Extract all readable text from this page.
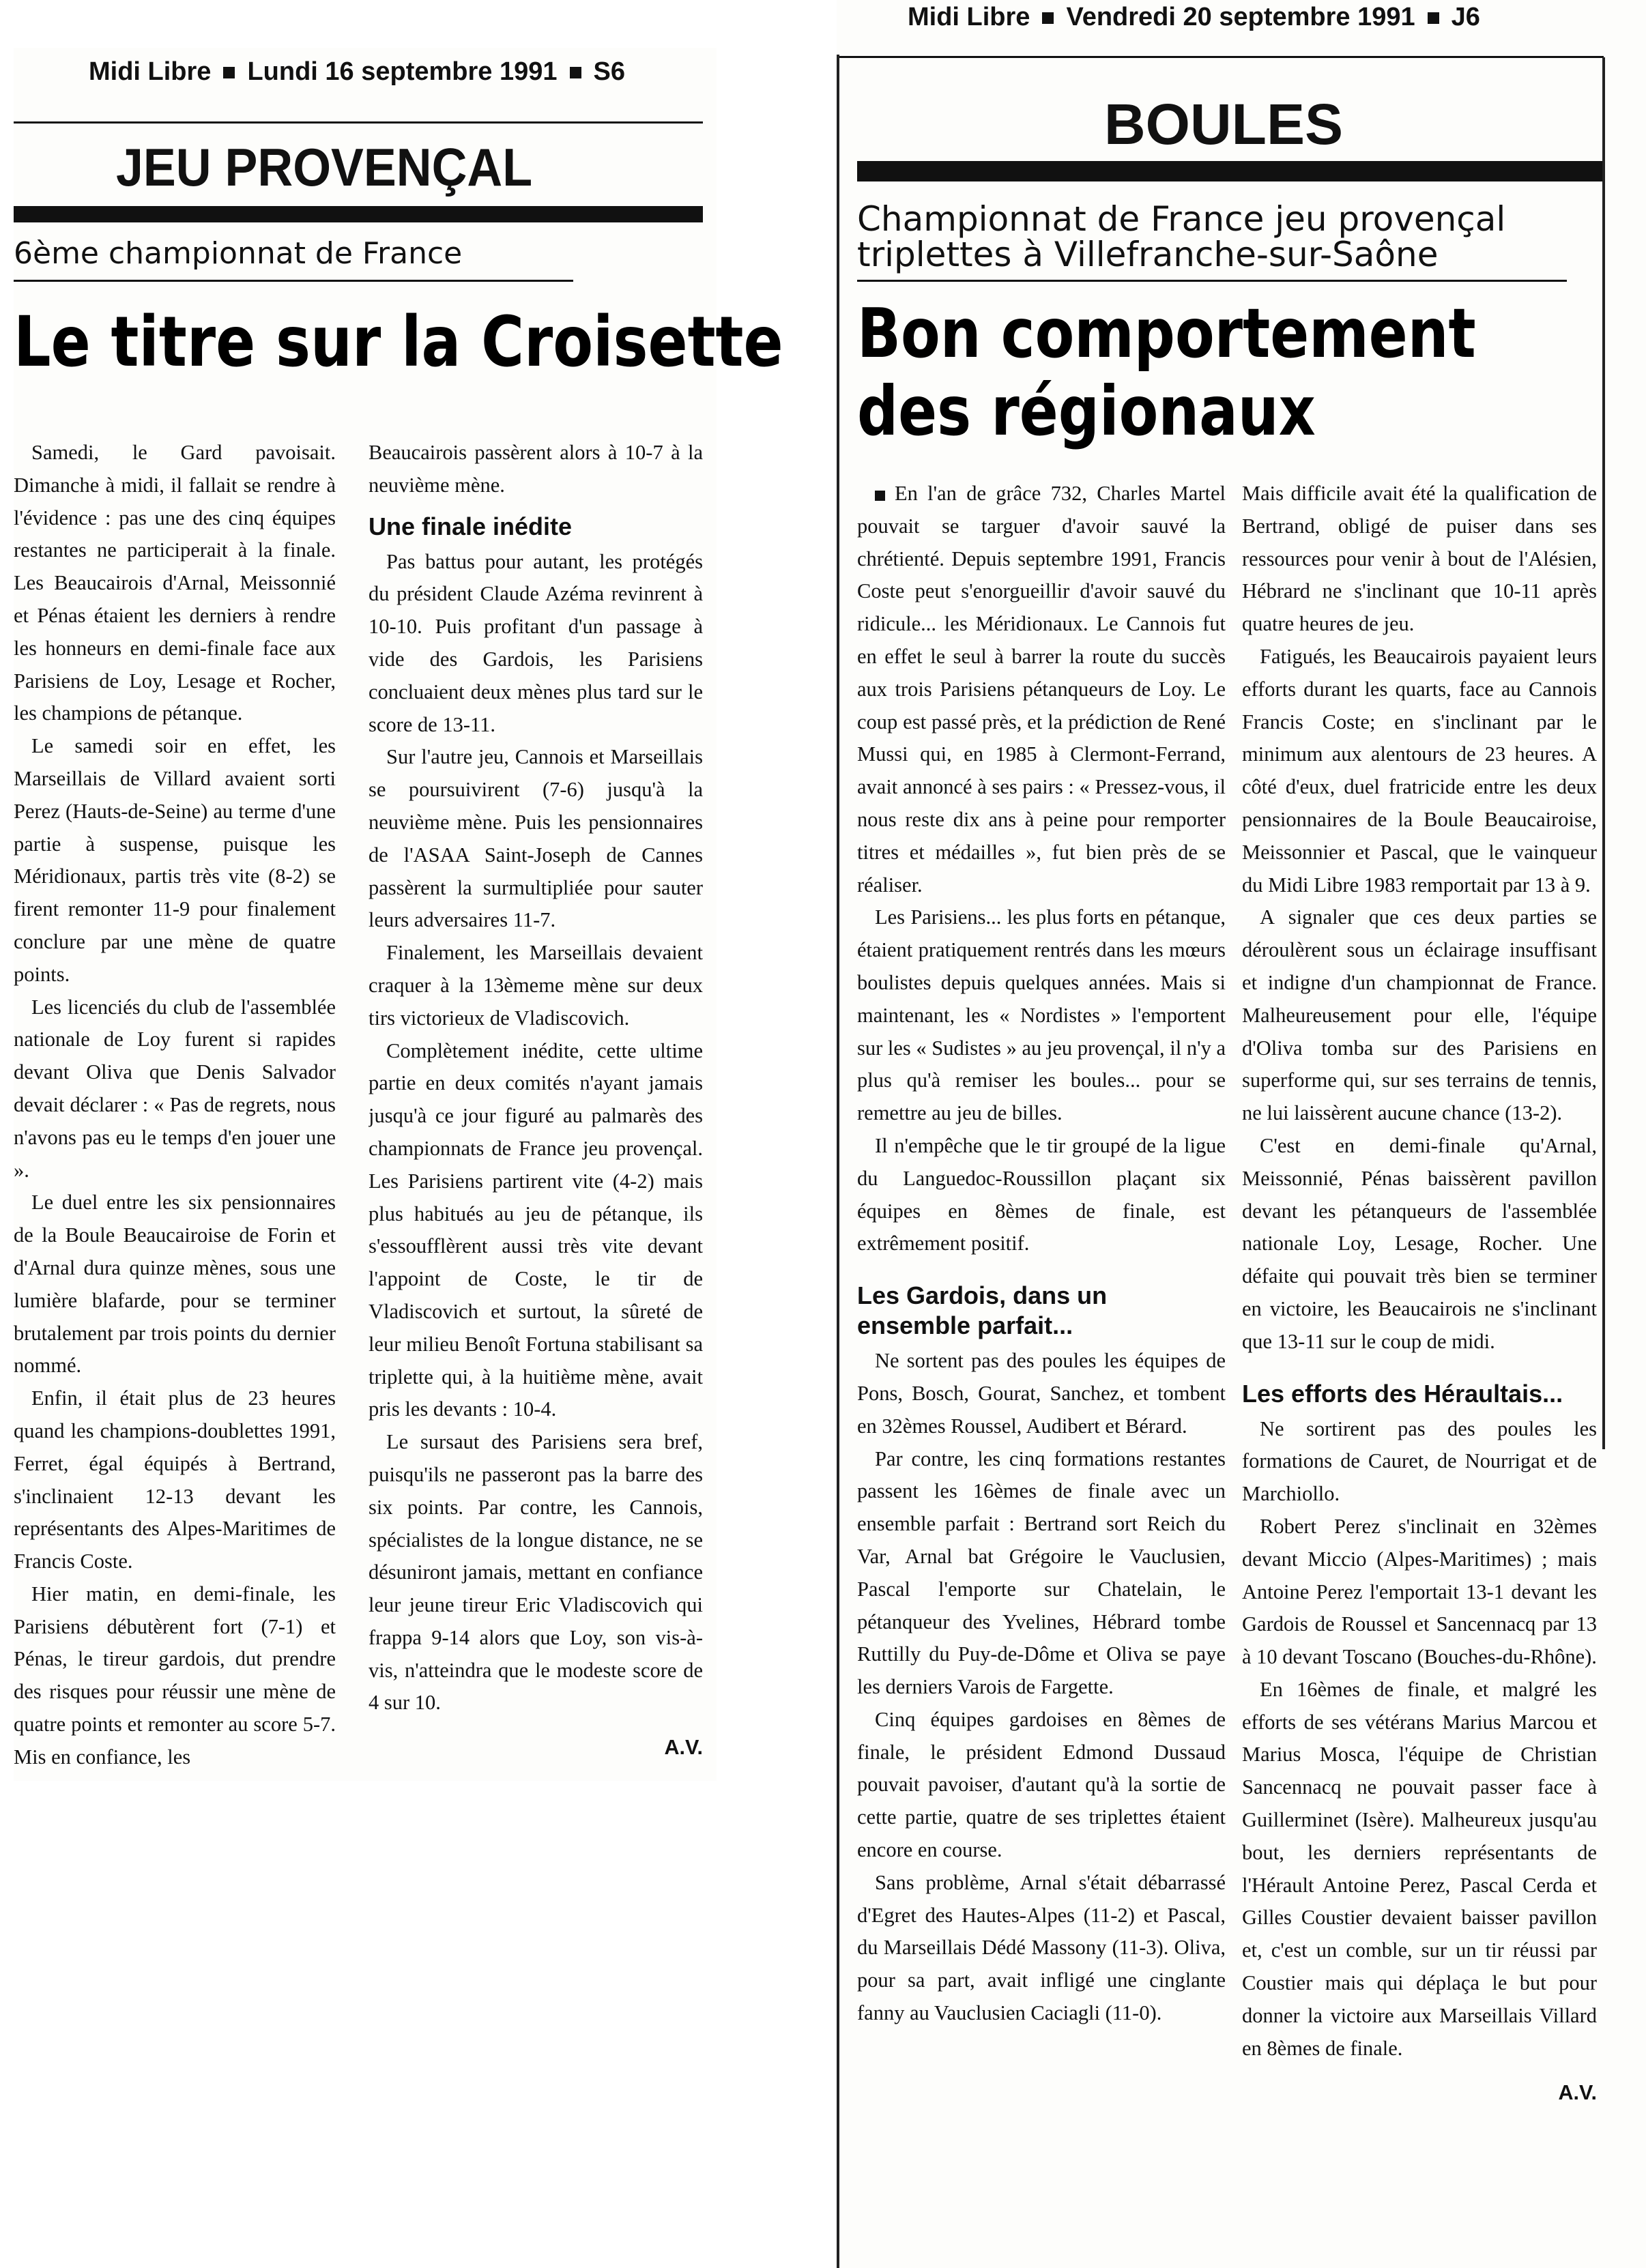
Midi Libre Lundi 16 septembre 1991 S6
JEU PROVENÇAL
6ème championnat de France
Le titre sur la Croisette

Samedi, le Gard pavoisait. Dimanche à midi, il fallait se rendre à l'évidence : pas une des cinq équipes restantes ne participerait à la finale. Les Beaucairois d'Arnal, Meissonnié et Pénas étaient les derniers à rendre les honneurs en demi-finale face aux Parisiens de Loy, Lesage et Rocher, les champions de pétanque.

Le samedi soir en effet, les Marseillais de Villard avaient sorti Perez (Hauts-de-Seine) au terme d'une partie à suspense, puisque les Méridionaux, partis très vite (8-2) se firent remonter 11-9 pour finalement conclure par une mène de quatre points.

Les licenciés du club de l'assemblée nationale de Loy furent si rapides devant Oliva que Denis Salvador devait déclarer : « Pas de regrets, nous n'avons pas eu le temps d'en jouer une ».

Le duel entre les six pensionnaires de la Boule Beaucairoise de Forin et d'Arnal dura quinze mènes, sous une lumière blafarde, pour se terminer brutalement par trois points du dernier nommé.

Enfin, il était plus de 23 heures quand les champions-doublettes 1991, Ferret, égal équipés à Bertrand, s'inclinaient 12-13 devant les représentants des Alpes-Maritimes de Francis Coste.

Hier matin, en demi-finale, les Parisiens débutèrent fort (7-1) et Pénas, le tireur gardois, dut prendre des risques pour réussir une mène de quatre points et remonter au score 5-7. Mis en confiance, les

Beaucairois passèrent alors à 10-7 à la neuvième mène.

Une finale inédite

Pas battus pour autant, les protégés du président Claude Azéma revinrent à 10-10. Puis profitant d'un passage à vide des Gardois, les Parisiens concluaient deux mènes plus tard sur le score de 13-11.

Sur l'autre jeu, Cannois et Marseillais se poursuivirent (7-6) jusqu'à la neuvième mène. Puis les pensionnaires de l'ASAA Saint-Joseph de Cannes passèrent la surmultipliée pour sauter leurs adversaires 11-7.

Finalement, les Marseillais devaient craquer à la 13èmeme mène sur deux tirs victorieux de Vladiscovich.

Complètement inédite, cette ultime partie en deux comités n'ayant jamais jusqu'à ce jour figuré au palmarès des championnats de France jeu provençal. Les Parisiens partirent vite (4-2) mais plus habitués au jeu de pétanque, ils s'essoufflèrent aussi très vite devant l'appoint de Coste, le tir de Vladiscovich et surtout, la sûreté de leur milieu Benoît Fortuna stabilisant sa triplette qui, à la huitième mène, avait pris les devants : 10-4.

Le sursaut des Parisiens sera bref, puisqu'ils ne passeront pas la barre des six points. Par contre, les Cannois, spécialistes de la longue distance, ne se désuniront jamais, mettant en confiance leur jeune tireur Eric Vladiscovich qui frappa 9-14 alors que Loy, son vis-à-vis, n'atteindra que le modeste score de 4 sur 10.

A.V.
Midi Libre Vendredi 20 septembre 1991 J6
BOULES
Championnat de France jeu provençal
triplettes à Villefranche-sur-Saône
Bon comportement
des régionaux

En l'an de grâce 732, Charles Martel pouvait se targuer d'avoir sauvé la chrétienté. Depuis septembre 1991, Francis Coste peut s'enorgueillir d'avoir sauvé du ridicule... les Méridionaux. Le Cannois fut en effet le seul à barrer la route du succès aux trois Parisiens pétanqueurs de Loy. Le coup est passé près, et la prédiction de René Mussi qui, en 1985 à Clermont-Ferrand, avait annoncé à ses pairs : « Pressez-vous, il nous reste dix ans à peine pour remporter titres et médailles », fut bien près de se réaliser.

Les Parisiens... les plus forts en pétanque, étaient pratiquement rentrés dans les mœurs boulistes depuis quelques années. Mais si maintenant, les « Nordistes » l'emportent sur les « Sudistes » au jeu provençal, il n'y a plus qu'à remiser les boules... pour se remettre au jeu de billes.

Il n'empêche que le tir groupé de la ligue du Languedoc-Roussillon plaçant six équipes en 8èmes de finale, est extrêmement positif.

Les Gardois, dans un ensemble parfait...

Ne sortent pas des poules les équipes de Pons, Bosch, Gourat, Sanchez, et tombent en 32èmes Roussel, Audibert et Bérard.

Par contre, les cinq formations restantes passent les 16èmes de finale avec un ensemble parfait : Bertrand sort Reich du Var, Arnal bat Grégoire le Vauclusien, Pascal l'emporte sur Chatelain, le pétanqueur des Yvelines, Hébrard tombe Ruttilly du Puy-de-Dôme et Oliva se paye les derniers Varois de Fargette.

Cinq équipes gardoises en 8èmes de finale, le président Edmond Dussaud pouvait pavoiser, d'autant qu'à la sortie de cette partie, quatre de ses triplettes étaient encore en course.

Sans problème, Arnal s'était débarrassé d'Egret des Hautes-Alpes (11-2) et Pascal, du Marseillais Dédé Massony (11-3). Oliva, pour sa part, avait infligé une cinglante fanny au Vauclusien Caciagli (11-0).

Mais difficile avait été la qualification de Bertrand, obligé de puiser dans ses ressources pour venir à bout de l'Alésien, Hébrard ne s'inclinant que 10-11 après quatre heures de jeu.

Fatigués, les Beaucairois payaient leurs efforts durant les quarts, face au Cannois Francis Coste; en s'inclinant par le minimum aux alentours de 23 heures. A côté d'eux, duel fratricide entre les deux pensionnaires de la Boule Beaucairoise, Meissonnier et Pascal, que le vainqueur du Midi Libre 1983 remportait par 13 à 9.

A signaler que ces deux parties se déroulèrent sous un éclairage insuffisant et indigne d'un championnat de France. Malheureusement pour elle, l'équipe d'Oliva tomba sur des Parisiens en superforme qui, sur ses terrains de tennis, ne lui laissèrent aucune chance (13-2).

C'est en demi-finale qu'Arnal, Meissonnié, Pénas baissèrent pavillon devant les pétanqueurs de l'assemblée nationale Loy, Lesage, Rocher. Une défaite qui pouvait très bien se terminer en victoire, les Beaucairois ne s'inclinant que 13-11 sur le coup de midi.

Les efforts des Héraultais...

Ne sortirent pas des poules les formations de Cauret, de Nourrigat et de Marchiollo.

Robert Perez s'inclinait en 32èmes devant Miccio (Alpes-Maritimes) ; mais Antoine Perez l'emportait 13-1 devant les Gardois de Roussel et Sancennacq par 13 à 10 devant Toscano (Bouches-du-Rhône).

En 16èmes de finale, et malgré les efforts de ses vétérans Marius Marcou et Marius Mosca, l'équipe de Christian Sancennacq ne pouvait passer face à Guillerminet (Isère). Malheureux jusqu'au bout, les derniers représentants de l'Hérault Antoine Perez, Pascal Cerda et Gilles Coustier devaient baisser pavillon et, c'est un comble, sur un tir réussi par Coustier mais qui déplaça le but pour donner la victoire aux Marseillais Villard en 8èmes de finale.

A.V.
